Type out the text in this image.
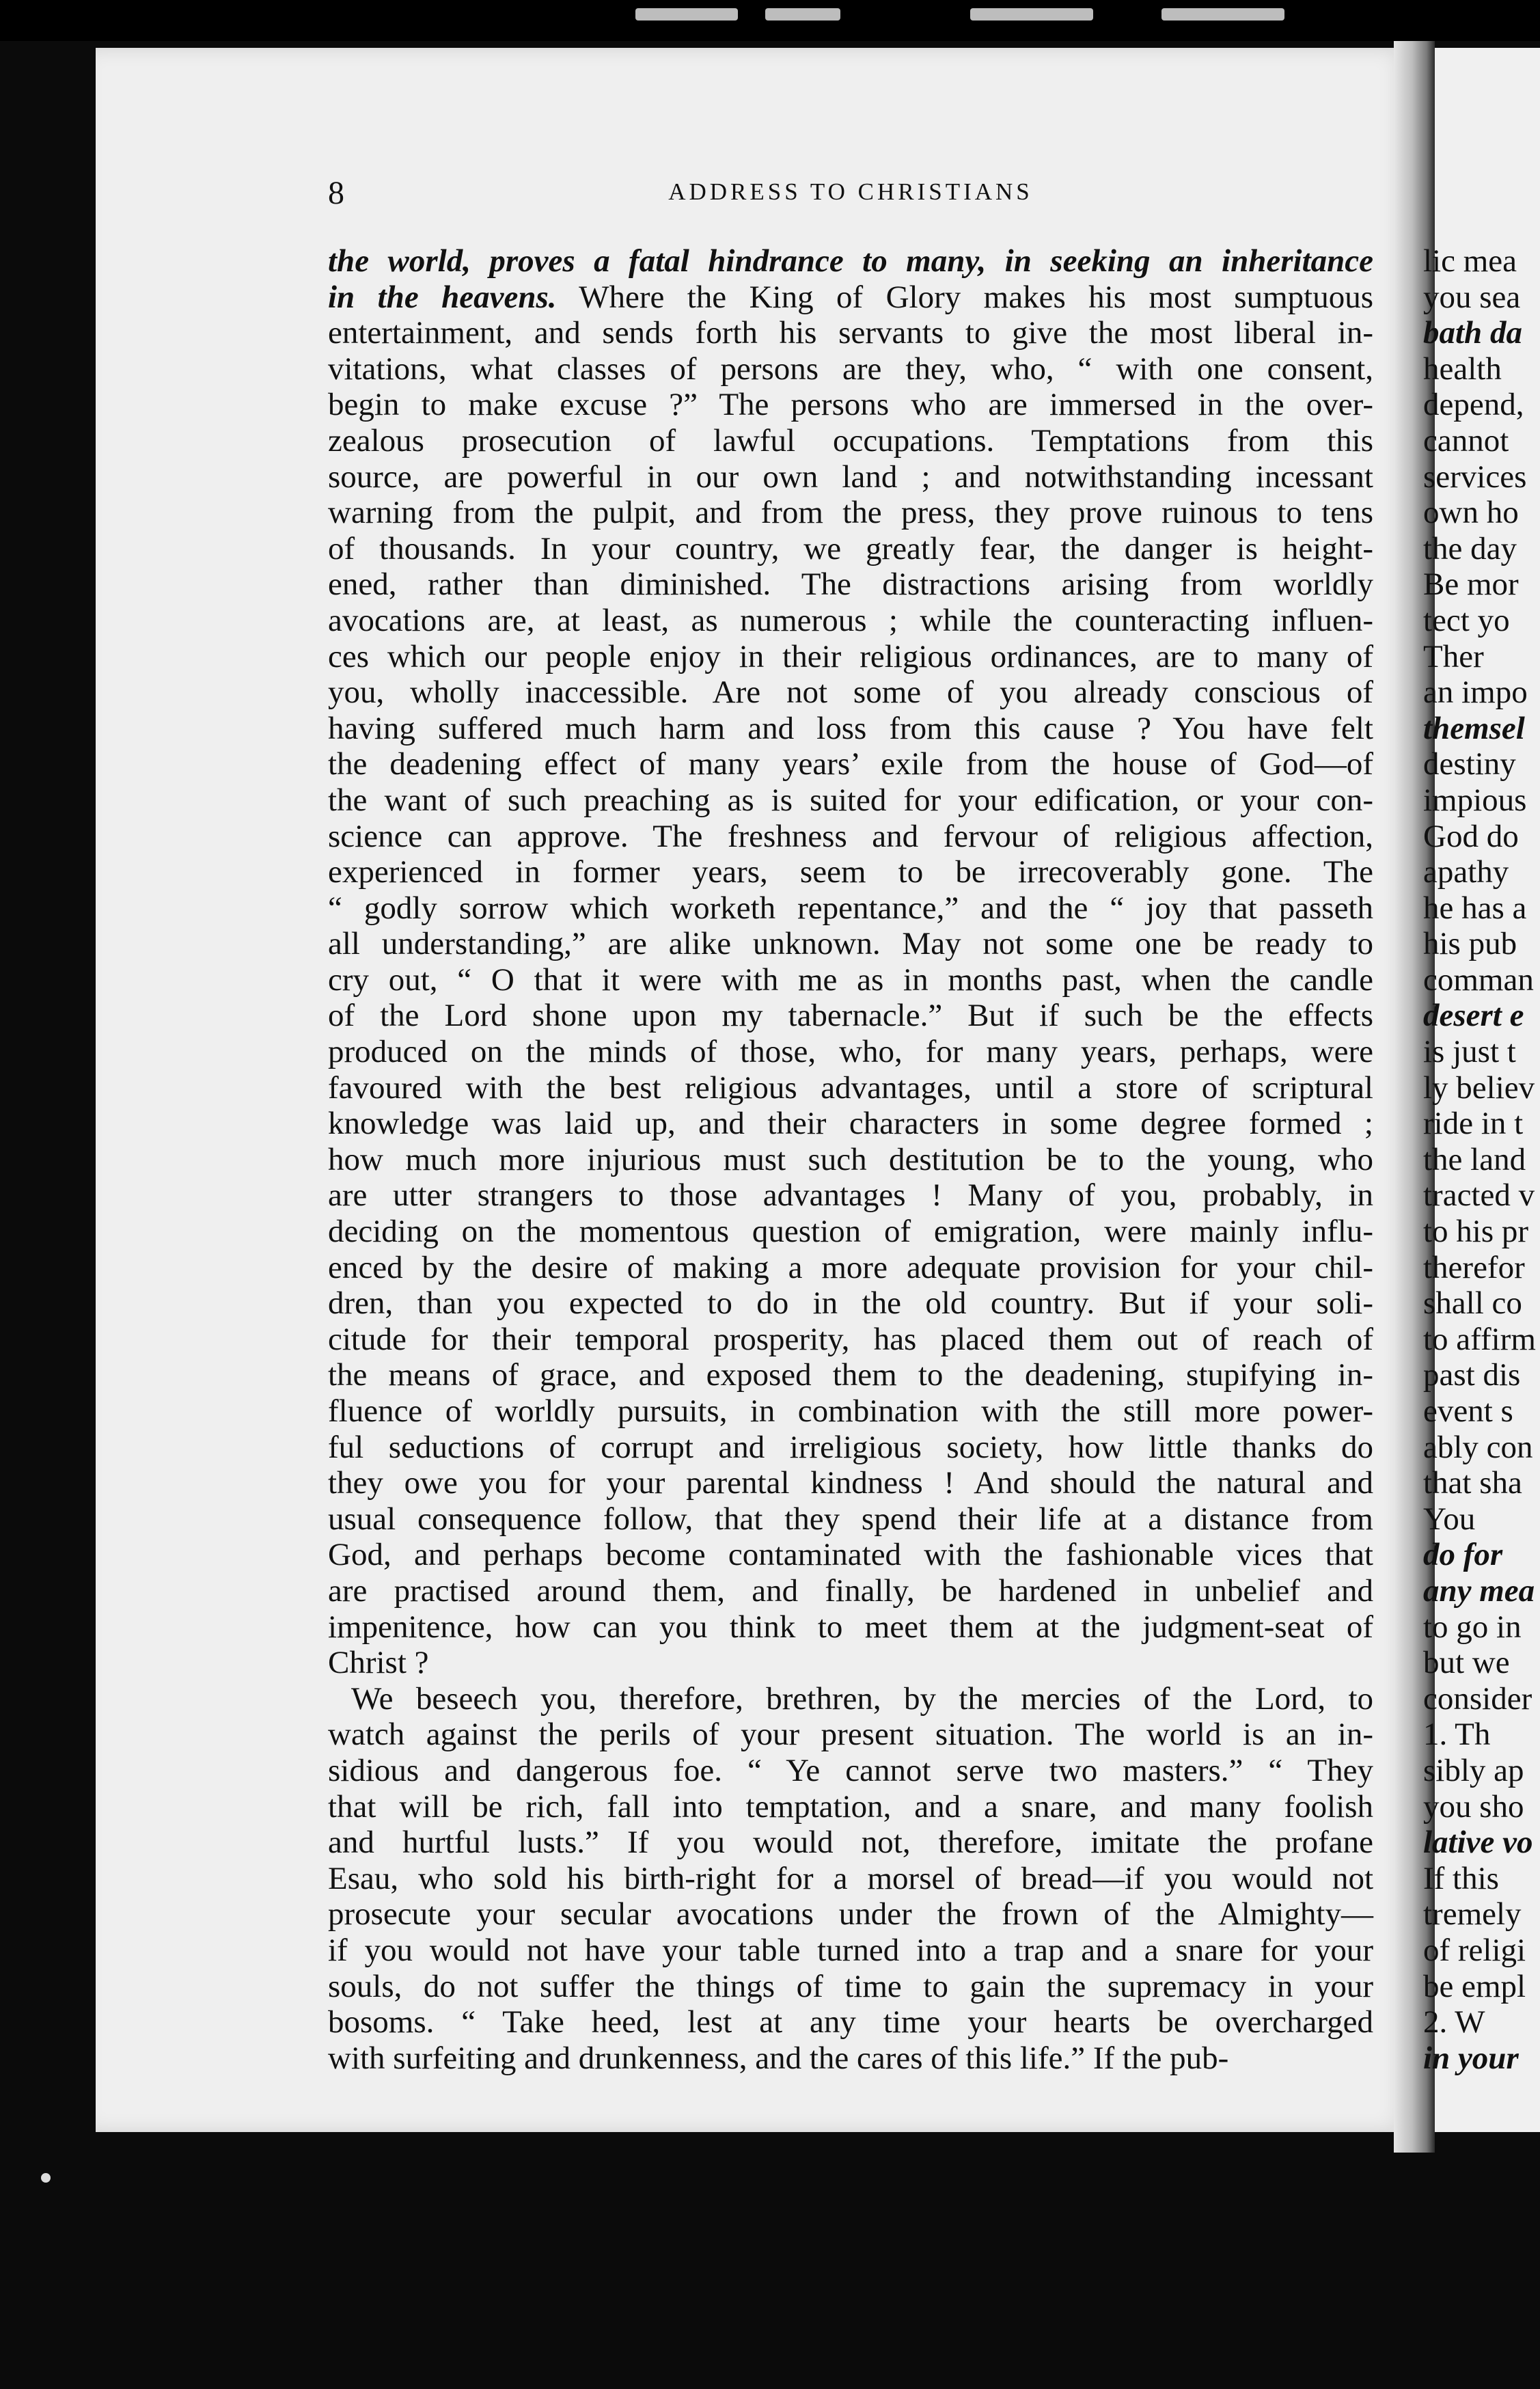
8	ADDRESS TO CHRISTIANS
the world, proves a fatal hindrance to many, in seeking an inheritance
in the heavens. Where the King of Glory makes his most sumptuous
entertainment, and sends forth his servants to give the most liberal in-
vitations, what classes of persons are they, who, “ with one consent,
begin to make excuse ?” The persons who are immersed in the over-
zealous prosecution of lawful occupations. Temptations from this
source, are powerful in our own land ; and notwithstanding incessant
warning from the pulpit, and from the press, they prove ruinous to tens
of thousands. In your country, we greatly fear, the danger is height-
ened, rather than diminished. The distractions arising from worldly
avocations are, at least, as numerous ; while the counteracting influen-
ces which our people enjoy in their religious ordinances, are to many of
you, wholly inaccessible. Are not some of you already conscious of
having suffered much harm and loss from this cause ? You have felt
the deadening effect of many years’ exile from the house of God—of
the want of such preaching as is suited for your edification, or your con-
science can approve. The freshness and fervour of religious affection,
experienced in former years, seem to be irrecoverably gone. The
“ godly sorrow which worketh repentance,” and the “ joy that passeth
all understanding,” are alike unknown. May not some one be ready to
cry out, “ O that it were with me as in months past, when the candle
of the Lord shone upon my tabernacle.” But if such be the effects
produced on the minds of those, who, for many years, perhaps, were
favoured with the best religious advantages, until a store of scriptural
knowledge was laid up, and their characters in some degree formed ;
how much more injurious must such destitution be to the young, who
are utter strangers to those advantages ! Many of you, probably, in
deciding on the momentous question of emigration, were mainly influ-
enced by the desire of making a more adequate provision for your chil-
dren, than you expected to do in the old country. But if your soli-
citude for their temporal prosperity, has placed them out of reach of
the means of grace, and exposed them to the deadening, stupifying in-
fluence of worldly pursuits, in combination with the still more power-
ful seductions of corrupt and irreligious society, how little thanks do
they owe you for your parental kindness ! And should the natural and
usual consequence follow, that they spend their life at a distance from
God, and perhaps become contaminated with the fashionable vices that
are practised around them, and finally, be hardened in unbelief and
impenitence, how can you think to meet them at the judgment-seat of
Christ ?
We beseech you, therefore, brethren, by the mercies of the Lord, to
watch against the perils of your present situation. The world is an in-
sidious and dangerous foe. “ Ye cannot serve two masters.” “ They
that will be rich, fall into temptation, and a snare, and many foolish
and hurtful lusts.” If you would not, therefore, imitate the profane
Esau, who sold his birth-right for a morsel of bread—if you would not
prosecute your secular avocations under the frown of the Almighty—
if you would not have your table turned into a trap and a snare for your
souls, do not suffer the things of time to gain the supremacy in your
bosoms. “ Take heed, lest at any time your hearts be overcharged
with surfeiting and drunkenness, and the cares of this life.” If the pub-
lic mea
you sea
bath da
health
depend,
cannot
services
own ho
the day
Be mor
tect yo
Ther
an impo
themsel
destiny
impious
God do
apathy
he has a
his pub
comman
desert e
is just t
ly believ
ride in t
the land
tracted v
to his pr
therefor
shall co
to affirm
past dis
event s
ably con
that sha
You
do for
any mea
to go in
but we
consider
1. Th
sibly ap
you sho
lative vo
If this
tremely
of religi
be empl
2. W
in your
